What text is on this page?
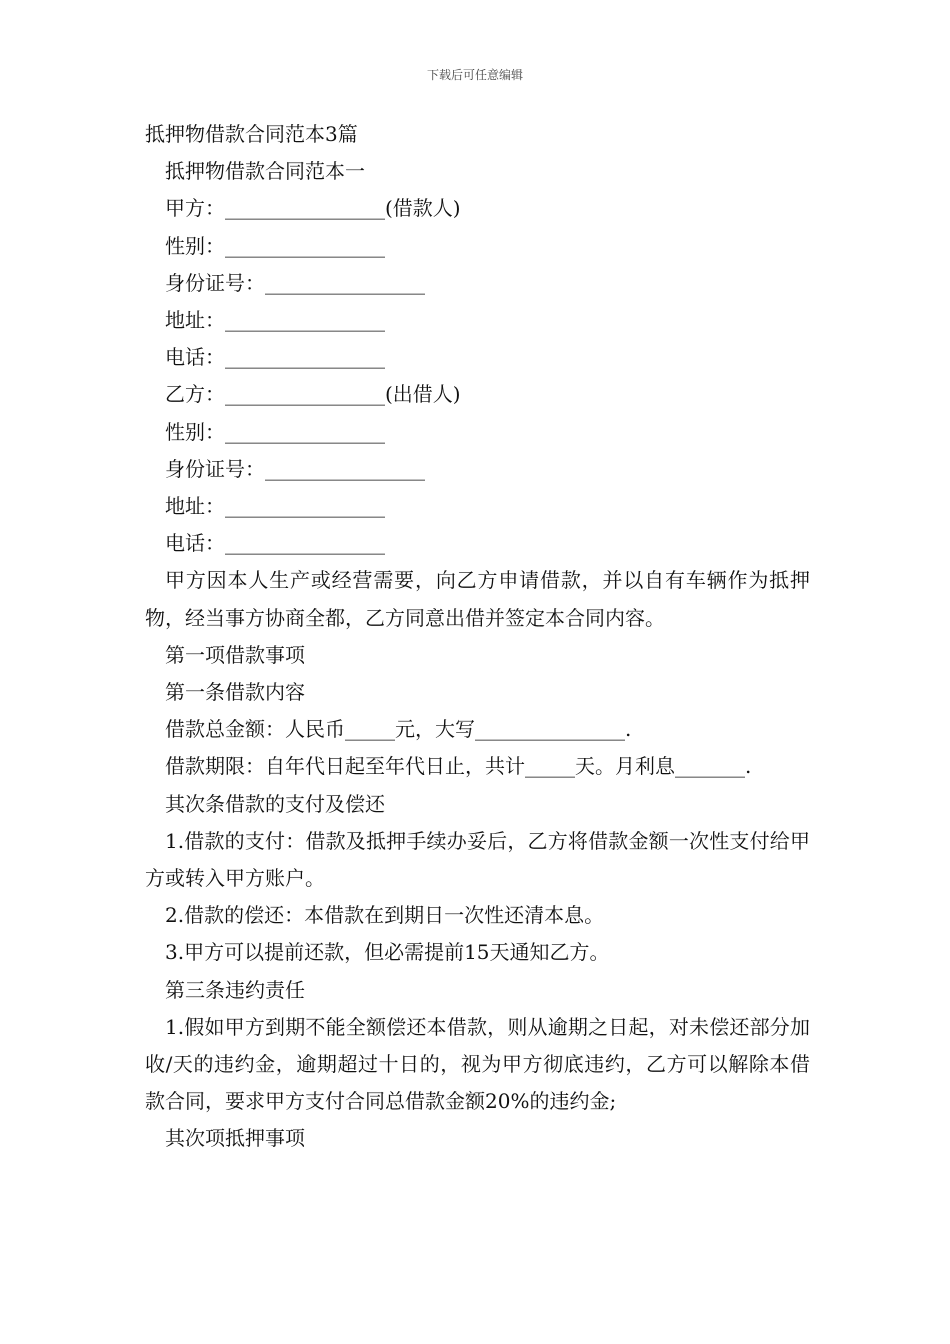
下载后可任意编辑

抵押物借款合同范本3篇

抵押物借款合同范本一

甲方：________________(借款人)

性别：________________

身份证号：________________

地址：________________

电话：________________

乙方：________________(出借人)

性别：________________

身份证号：________________

地址：________________

电话：________________

甲方因本人生产或经营需要，向乙方申请借款，并以自有车辆作为抵押物，经当事方协商全都，乙方同意出借并签定本合同内容。

第一项借款事项

第一条借款内容

借款总金额：人民币_____元，大写_______________.

借款期限：自年代日起至年代日止，共计_____天。月利息_______.

其次条借款的支付及偿还

1.借款的支付：借款及抵押手续办妥后，乙方将借款金额一次性支付给甲方或转入甲方账户。

2.借款的偿还：本借款在到期日一次性还清本息。

3.甲方可以提前还款，但必需提前15天通知乙方。

第三条违约责任

1.假如甲方到期不能全额偿还本借款，则从逾期之日起，对未偿还部分加收/天的违约金，逾期超过十日的，视为甲方彻底违约，乙方可以解除本借款合同，要求甲方支付合同总借款金额20%的违约金;

其次项抵押事项
